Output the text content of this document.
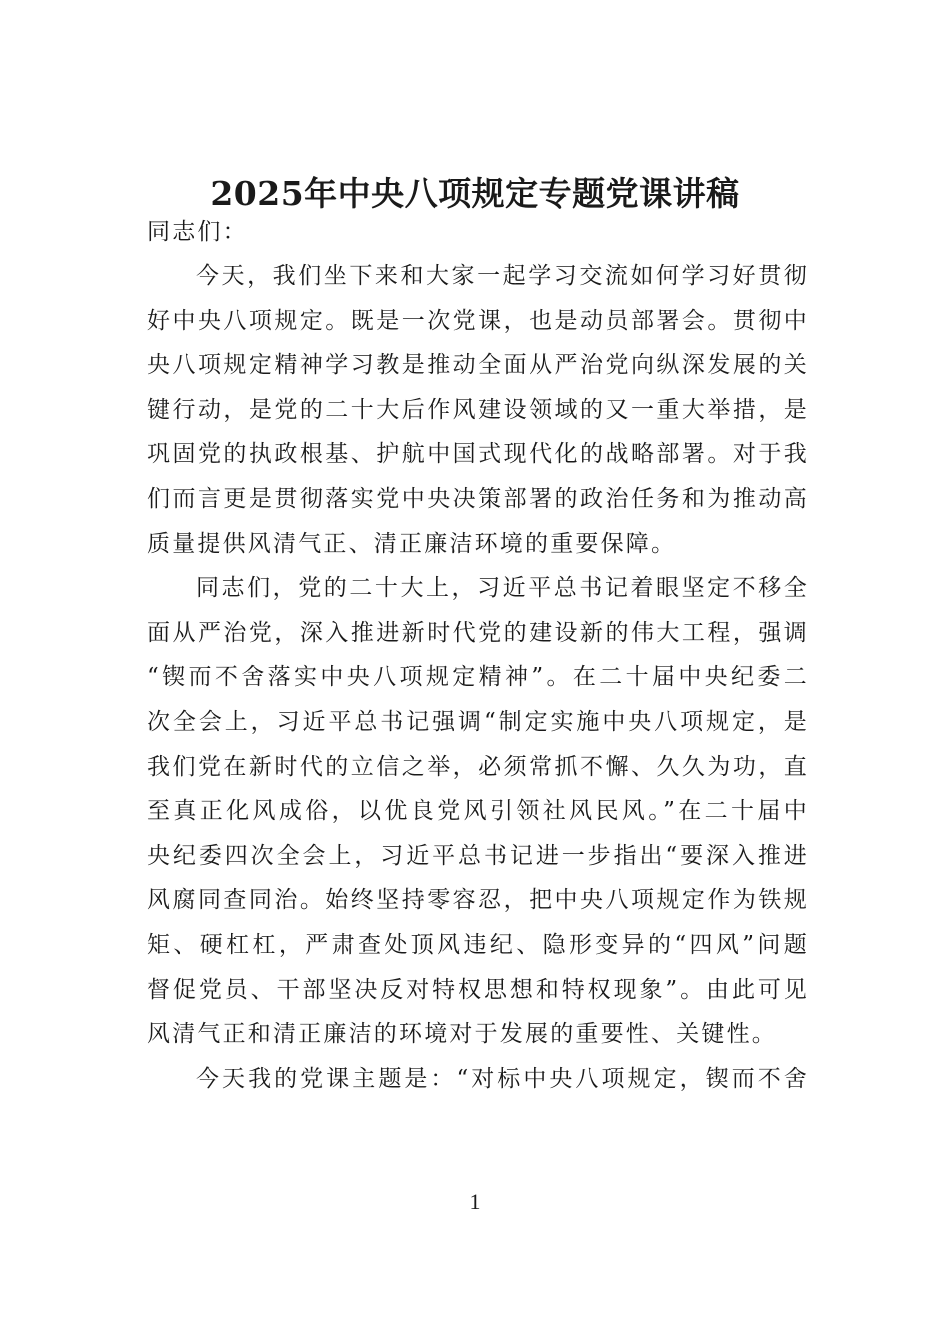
2025年中央八项规定专题党课讲稿

同志们：

今天，我们坐下来和大家一起学习交流如何学习好贯彻
好中央八项规定。既是一次党课，也是动员部署会。贯彻中
央八项规定精神学习教是推动全面从严治党向纵深发展的关
键行动，是党的二十大后作风建设领域的又一重大举措，是
巩固党的执政根基、护航中国式现代化的战略部署。对于我
们而言更是贯彻落实党中央决策部署的政治任务和为推动高
质量提供风清气正、清正廉洁环境的重要保障。

同志们，党的二十大上，习近平总书记着眼坚定不移全
面从严治党，深入推进新时代党的建设新的伟大工程，强调
“锲而不舍落实中央八项规定精神”。在二十届中央纪委二
次全会上，习近平总书记强调“制定实施中央八项规定，是
我们党在新时代的立信之举，必须常抓不懈、久久为功，直
至真正化风成俗，以优良党风引领社风民风。”在二十届中
央纪委四次全会上，习近平总书记进一步指出“要深入推进
风腐同查同治。始终坚持零容忍，把中央八项规定作为铁规
矩、硬杠杠，严肃查处顶风违纪、隐形变异的“四风”问题
督促党员、干部坚决反对特权思想和特权现象”。由此可见
风清气正和清正廉洁的环境对于发展的重要性、关键性。

今天我的党课主题是：“对标中央八项规定，锲而不舍

1
